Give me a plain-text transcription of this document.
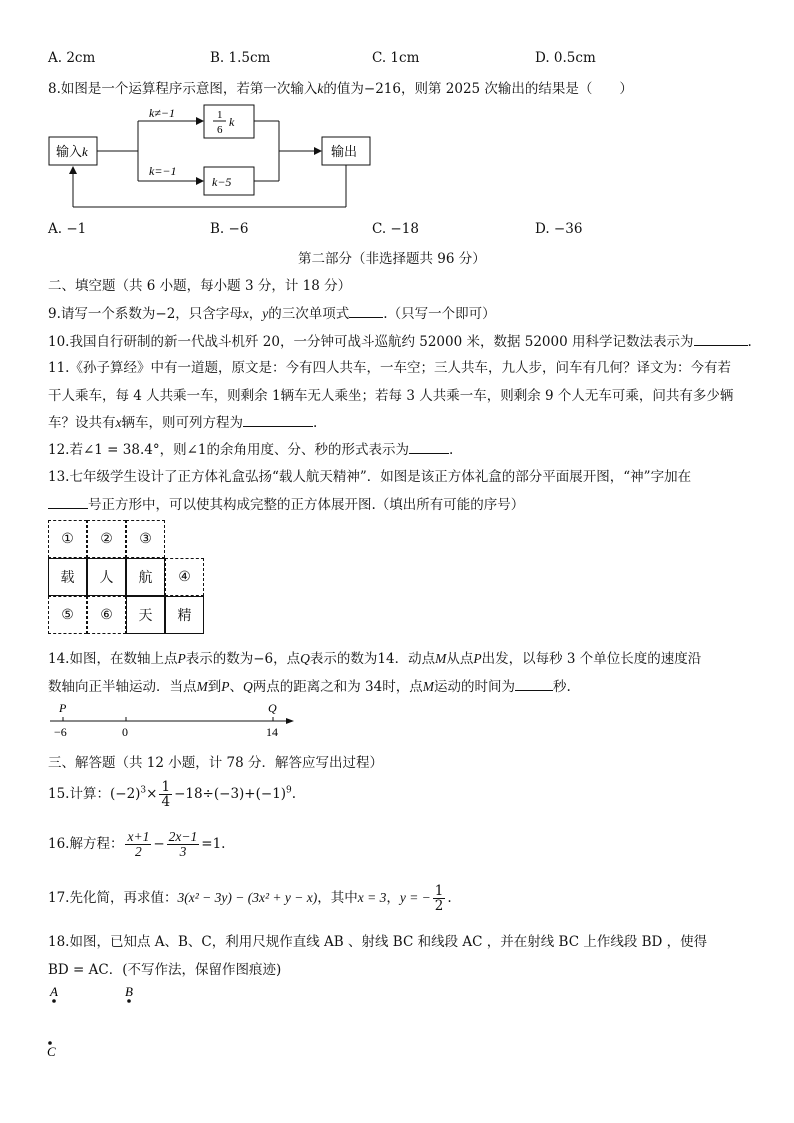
A. 2cm	B. 1.5cm	C. 1cm	D. 0.5cm
8.如图是一个运算程序示意图，若第一次输入k的值为−216，则第 2025 次输出的结果是（　　）
输入k
k≠−1
k=−1
1
6
k
k−5
输出
A. −1	B. −6	C. −18	D. −36
第二部分（非选择题共 96 分）
二、填空题（共 6 小题，每小题 3 分，计 18 分）
9.请写一个系数为−2，只含字母x，y的三次单项式	.（只写一个即可）
10.我国自行研制的新一代战斗机歼 20，一分钟可战斗巡航约 52000 米，数据 52000 用科学记数法表示为	.
11.《孙子算经》中有一道题，原文是：今有四人共车，一车空；三人共车，九人步，问车有几何？译文为：今有若
干人乘车，每 4 人共乘一车，则剩余 1辆车无人乘坐；若每 3 人共乘一车，则剩余 9 个人无车可乘，问共有多少辆
车？设共有x辆车，则可列方程为	.
12.若∠1 = 38.4°，则∠1的余角用度、分、秒的形式表示为	.
13.七年级学生设计了正方体礼盒弘扬“载人航天精神”．如图是该正方体礼盒的部分平面展开图，“神”字加在
号正方形中，可以使其构成完整的正方体展开图.（填出所有可能的序号）
①	②	③
载	人	航	④
⑤	⑥	天	精
14.如图，在数轴上点P表示的数为−6，点Q表示的数为14．动点M从点P出发，以每秒 3 个单位长度的速度沿
数轴向正半轴运动．当点M到P、Q两点的距离之和为 34时，点M运动的时间为	秒.
P	Q
−6	0	14
三、解答题（共 12 小题，计 78 分．解答应写出过程）
15.计算：$(-2)^3\times \frac{1}{4} -18\div(-3)+(-1)^9$.
16.解方程： $\frac{x+1}{2} - \frac{2x-1}{3} =1$.
17.先化简，再求值：3(x² − 3y) − (3x² + y − x)，其中x = 3，y = − $\frac{1}{2}$ .
18.如图，已知点 A、B、C，利用尺规作直线 AB 、射线 BC 和线段 AC ，并在射线 BC 上作线段 BD ，使得
BD = AC．(不写作法，保留作图痕迹)
A	B
C
